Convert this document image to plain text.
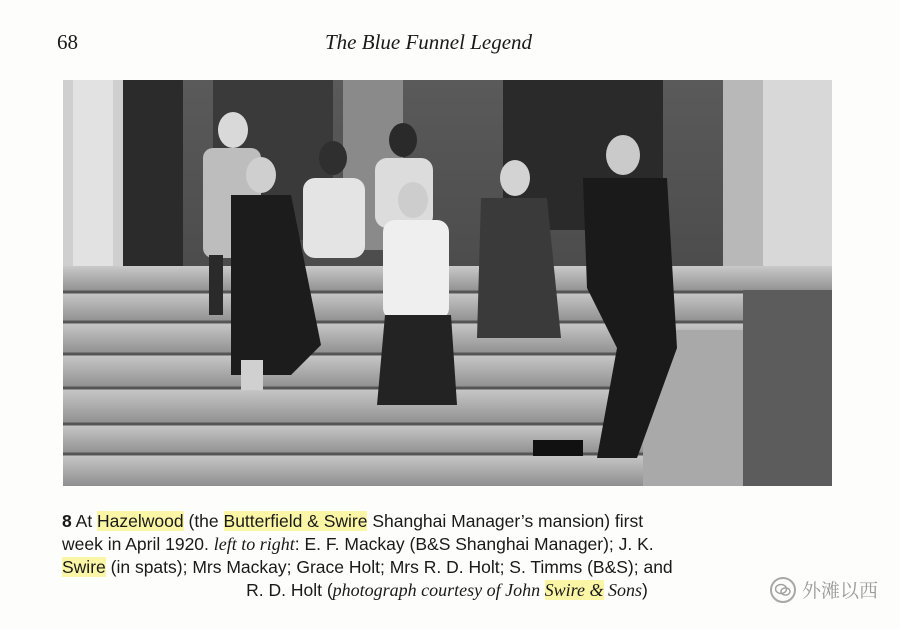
68	The Blue Funnel Legend
8 At Hazelwood (the Butterfield & Swire Shanghai Manager’s mansion) first
week in April 1920. left to right: E. F. Mackay (B&S Shanghai Manager); J. K.
Swire (in spats); Mrs Mackay; Grace Holt; Mrs R. D. Holt; S. Timms (B&S); and
R. D. Holt (photograph courtesy of John Swire & Sons)	外滩以西
